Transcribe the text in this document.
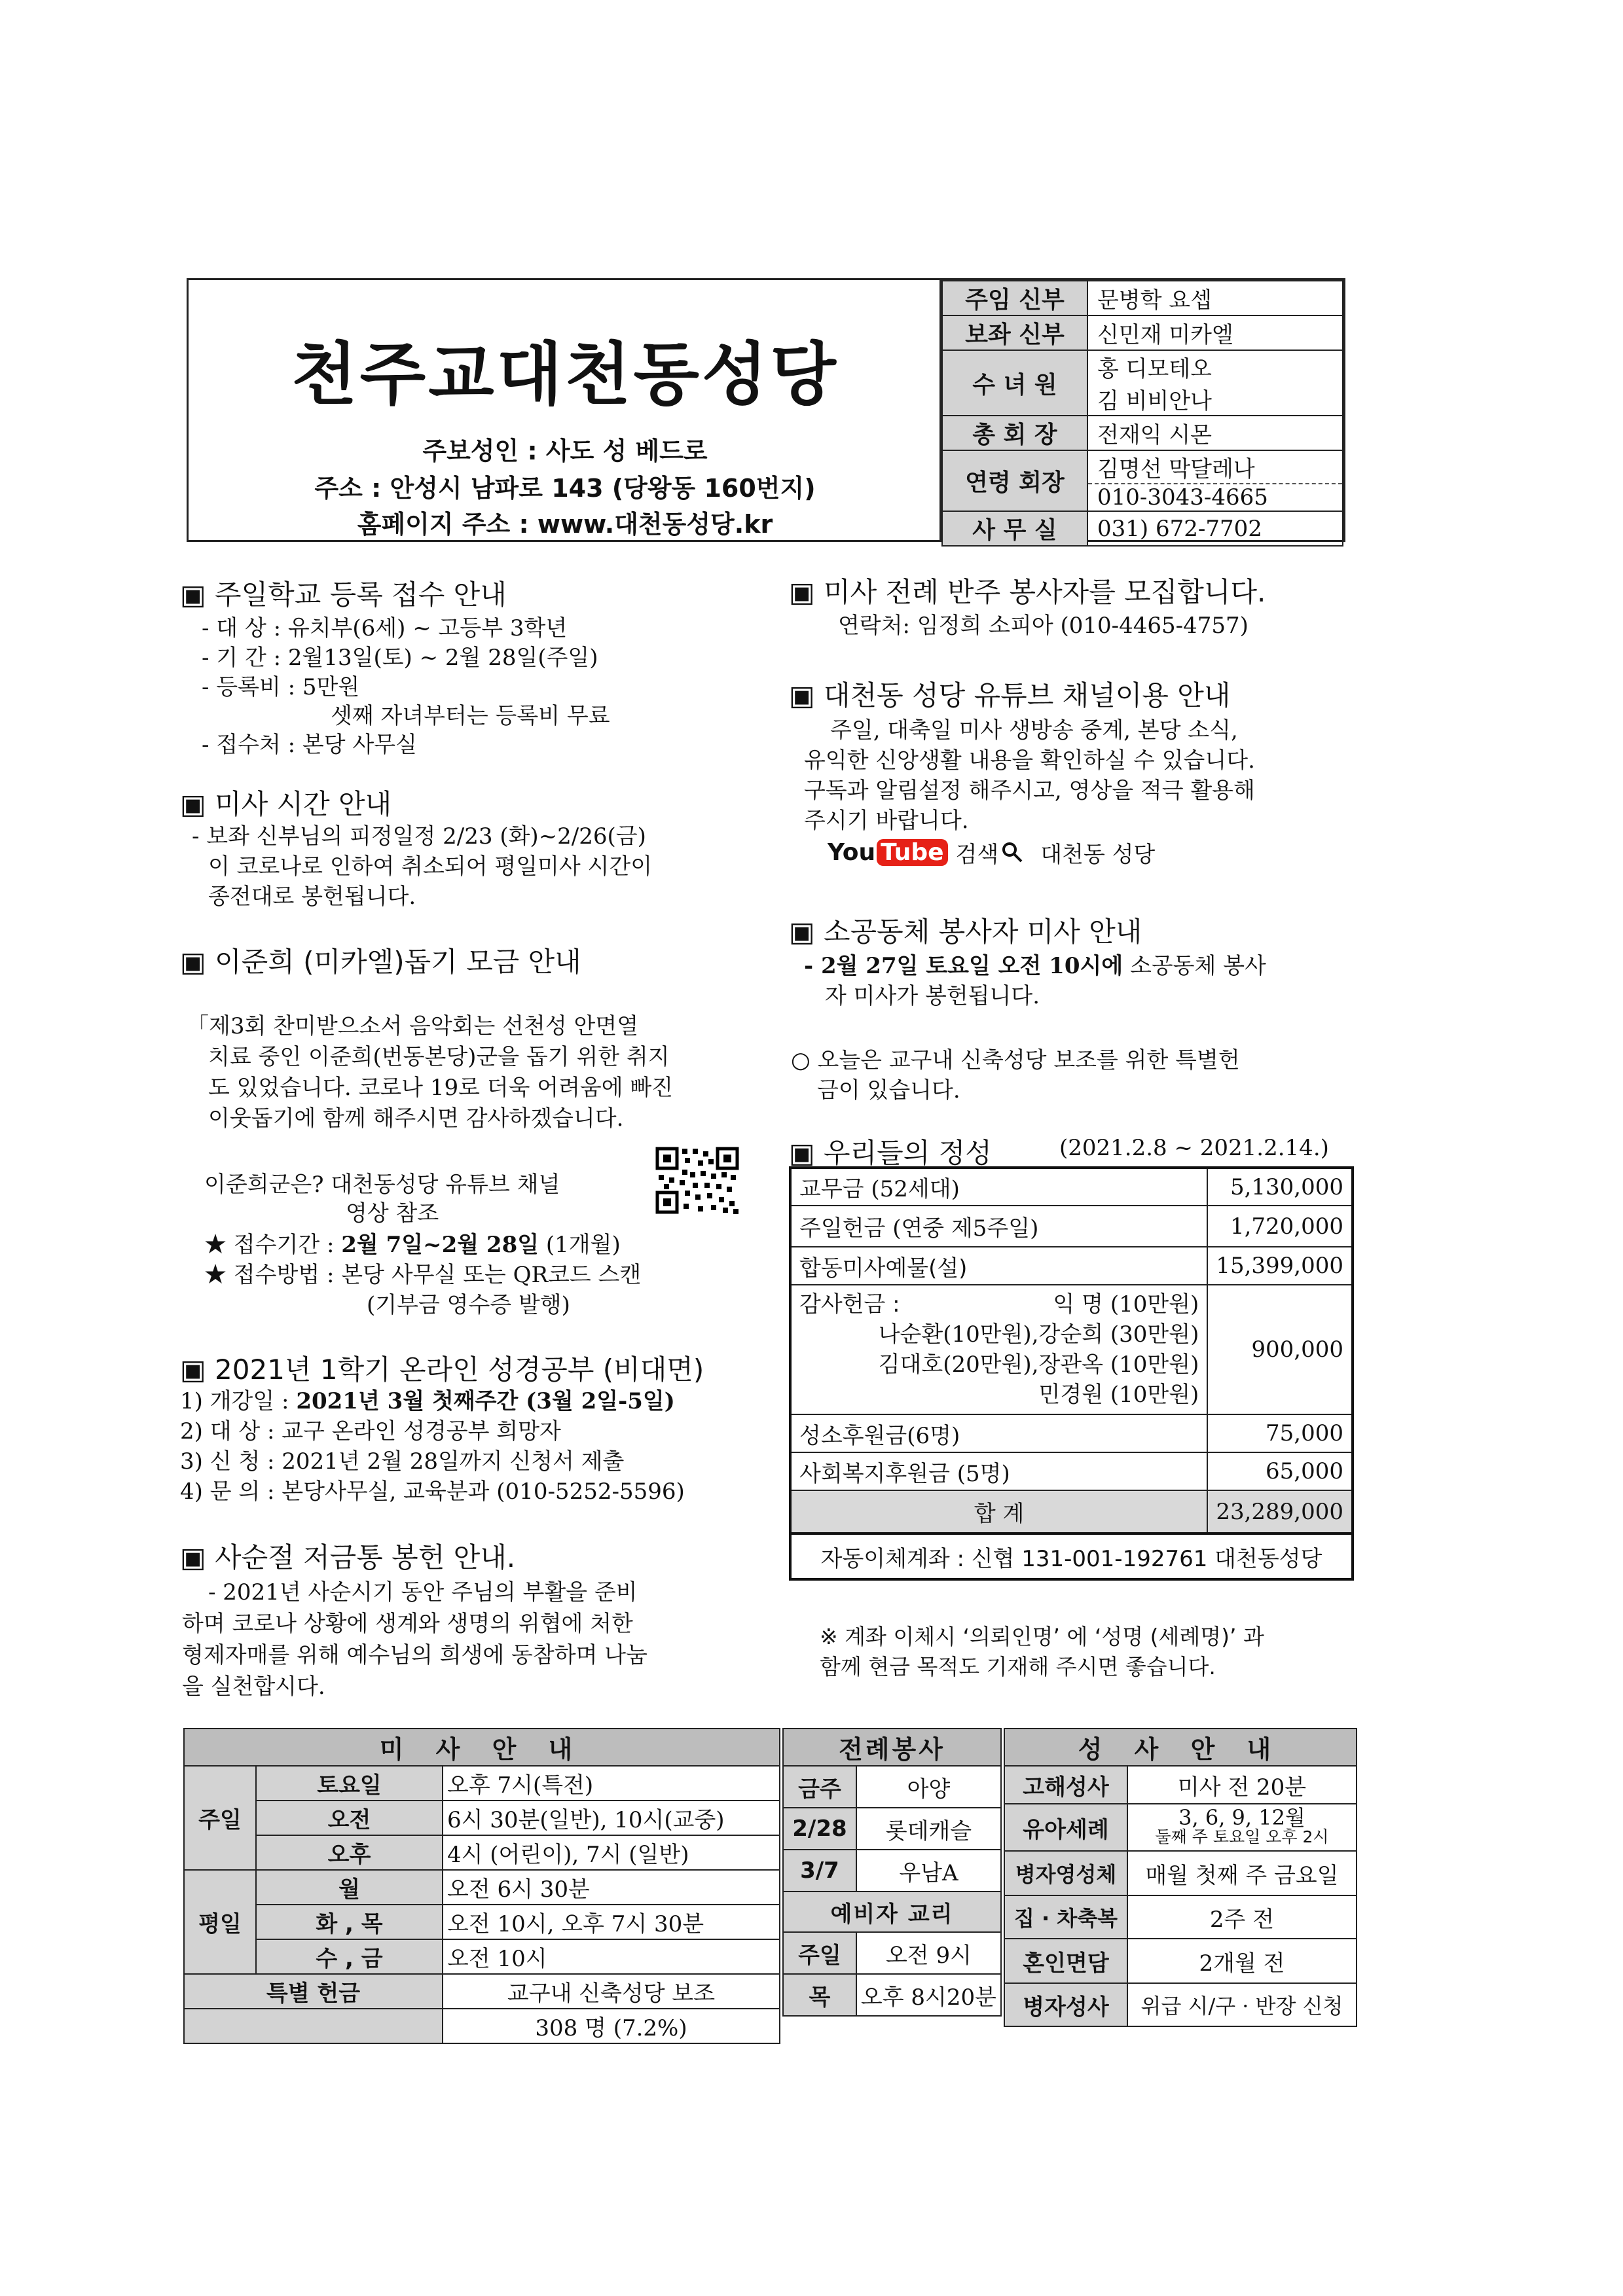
천주교대천동성당
주보성인 : 사도 성 베드로
주소 : 안성시 남파로 143 (당왕동 160번지)
홈페이지 주소 : www.대천동성당.kr
주임 신부	문병학 요셉
보좌 신부	신민재 미카엘
수 녀 원	홍 디모테오
	김 비비안나
총 회 장	전재익 시몬
연령 회장	김명선 막달레나
	010-3043-4665
사 무 실	031) 672-7702
▣ 주일학교 등록 접수 안내
- 대 상 : 유치부(6세) ~ 고등부 3학년
- 기 간 : 2월13일(토) ~ 2월 28일(주일)
- 등록비 : 5만원
셋째 자녀부터는 등록비 무료
- 접수처 : 본당 사무실
▣ 미사 시간 안내
- 보좌 신부님의 피정일정 2/23 (화)~2/26(금)
이 코로나로 인하여 취소되어 평일미사 시간이
종전대로 봉헌됩니다.
▣ 이준희 (미카엘)돕기 모금 안내
「제3회 찬미받으소서 음악회는 선천성 안면열
치료 중인 이준희(번동본당)군을 돕기 위한 취지
도 있었습니다. 코로나 19로 더욱 어려움에 빠진
이웃돕기에 함께 해주시면 감사하겠습니다.
이준희군은? 대천동성당 유튜브 채널
영상 참조
★ 접수기간 : 2월 7일~2월 28일 (1개월)
★ 접수방법 : 본당 사무실 또는 QR코드 스캔
(기부금 영수증 발행)
▣ 2021년 1학기 온라인 성경공부 (비대면)
1) 개강일 : 2021년 3월 첫째주간 (3월 2일-5일)
2) 대 상 : 교구 온라인 성경공부 희망자
3) 신 청 : 2021년 2월 28일까지 신청서 제출
4) 문 의 : 본당사무실, 교육분과 (010-5252-5596)
▣ 사순절 저금통 봉헌 안내.
- 2021년 사순시기 동안 주님의 부활을 준비
하며 코로나 상황에 생계와 생명의 위협에 처한
형제자매를 위해 예수님의 희생에 동참하며 나눔
을 실천합시다.
▣ 미사 전례 반주 봉사자를 모집합니다.
연락처: 임정희 소피아 (010-4465-4757)
▣ 대천동 성당 유튜브 채널이용 안내
주일, 대축일 미사 생방송 중계, 본당 소식,
유익한 신앙생활 내용을 확인하실 수 있습니다.
구독과 알림설정 해주시고, 영상을 적극 활용해
주시기 바랍니다.
You Tube 검색 대천동 성당
▣ 소공동체 봉사자 미사 안내
- 2월 27일 토요일 오전 10시에 소공동체 봉사
자 미사가 봉헌됩니다.
○ 오늘은 교구내 신축성당 보조를 위한 특별헌
금이 있습니다.
▣ 우리들의 정성	(2021.2.8 ~ 2021.2.14.)
교무금 (52세대)	5,130,000
주일헌금 (연중 제5주일)	1,720,000
합동미사예물(설)	15,399,000

감사헌금 : 익 명 (10만원)
나순환(10만원),강순희 (30만원)
김대호(20만원),장관옥 (10만원)
민경원 (10만원)	900,000
성소후원금(6명)	75,000
사회복지후원금 (5명)	65,000
합 계	23,289,000
자동이체계좌 : 신협 131-001-192761 대천동성당	
※ 계좌 이체시 ‘의뢰인명’ 에 ‘성명 (세례명)’ 과
함께 현금 목적도 기재해 주시면 좋습니다.
미 사 안 내		
주일	토요일	오후 7시(특전)
	오전	6시 30분(일반), 10시(교중)
	오후	4시 (어린이), 7시 (일반)
평일	월	오전 6시 30분
	화 , 목	오전 10시, 오후 7시 30분
	수 , 금	오전 10시
특별 헌금		교구내 신축성당 보조
		308 명 (7.2%)
전례봉사	
금주	아양
2/28	롯데캐슬
3/7	우남A
예비자 교리	
주일	오전 9시
목	오후 8시20분
성 사 안 내	
고해성사	미사 전 20분
유아세례	3, 6, 9, 12월
둘째 주 토요일 오후 2시

병자영성체	매월 첫째 주 금요일
집 · 차축복	2주 전
혼인면담	2개월 전
병자성사	위급 시/구 · 반장 신청
